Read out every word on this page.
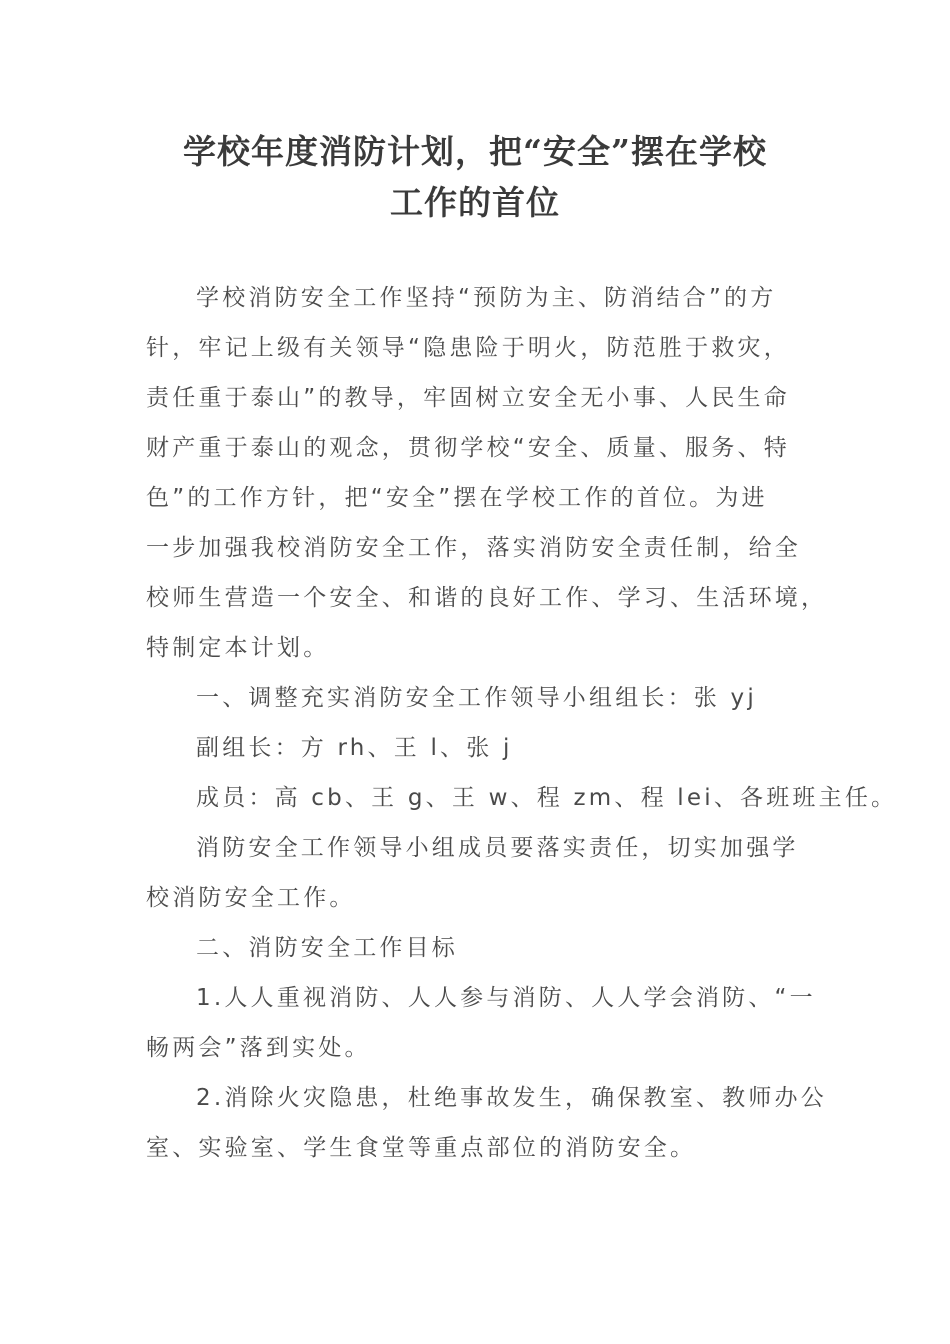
学校年度消防计划，把“安全”摆在学校
工作的首位
学校消防安全工作坚持“预防为主、防消结合”的方
针，牢记上级有关领导“隐患险于明火，防范胜于救灾，
责任重于泰山”的教导，牢固树立安全无小事、人民生命
财产重于泰山的观念，贯彻学校“安全、质量、服务、特
色”的工作方针，把“安全”摆在学校工作的首位。为进
一步加强我校消防安全工作，落实消防安全责任制，给全
校师生营造一个安全、和谐的良好工作、学习、生活环境，
特制定本计划。
一、调整充实消防安全工作领导小组组长：张 yj
副组长：方 rh、王 l、张 j
成员：高 cb、王 g、王 w、程 zm、程 lei、各班班主任。
消防安全工作领导小组成员要落实责任，切实加强学
校消防安全工作。
二、消防安全工作目标
1.人人重视消防、人人参与消防、人人学会消防、“一
畅两会”落到实处。
2.消除火灾隐患，杜绝事故发生，确保教室、教师办公
室、实验室、学生食堂等重点部位的消防安全。
